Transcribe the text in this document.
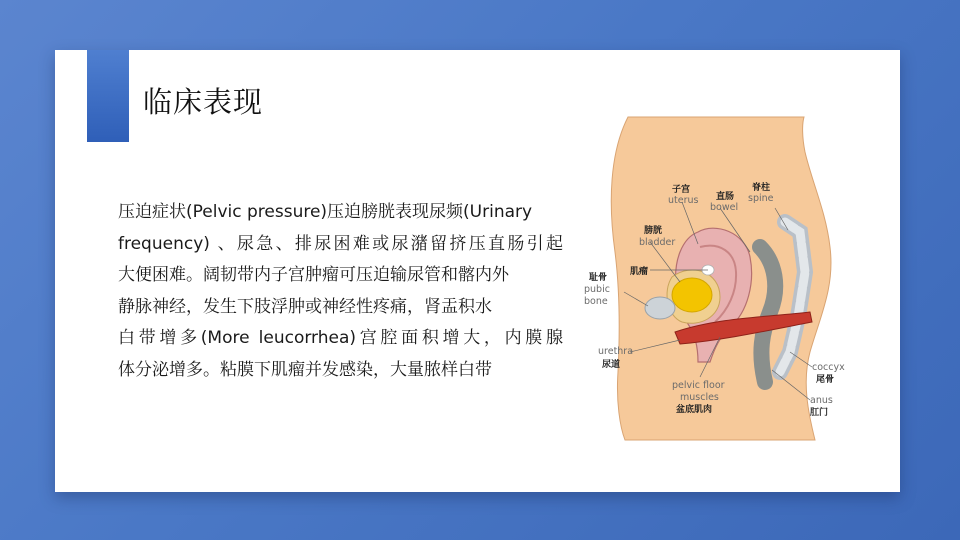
临床表现
压迫症状(Pelvic pressure)压迫膀胱表现尿频(Urinary
frequency) 、尿急、排尿困难或尿潴留挤压直肠引起
大便困难。阔韧带内子宫肿瘤可压迫输尿管和髂内外
静脉神经，发生下肢浮肿或神经性疼痛，肾盂积水
白带增多(More leucorrhea)宫腔面积增大，内膜腺
体分泌增多。粘膜下肌瘤并发感染，大量脓样白带
子宫
uterus 直肠
bowel
脊柱
spine
膀胱
bladder
肌瘤
耻骨
pubic
bone
urethra
尿道
pelvic floor
muscles
盆底肌肉
coccyx
尾骨
anus
肛门
